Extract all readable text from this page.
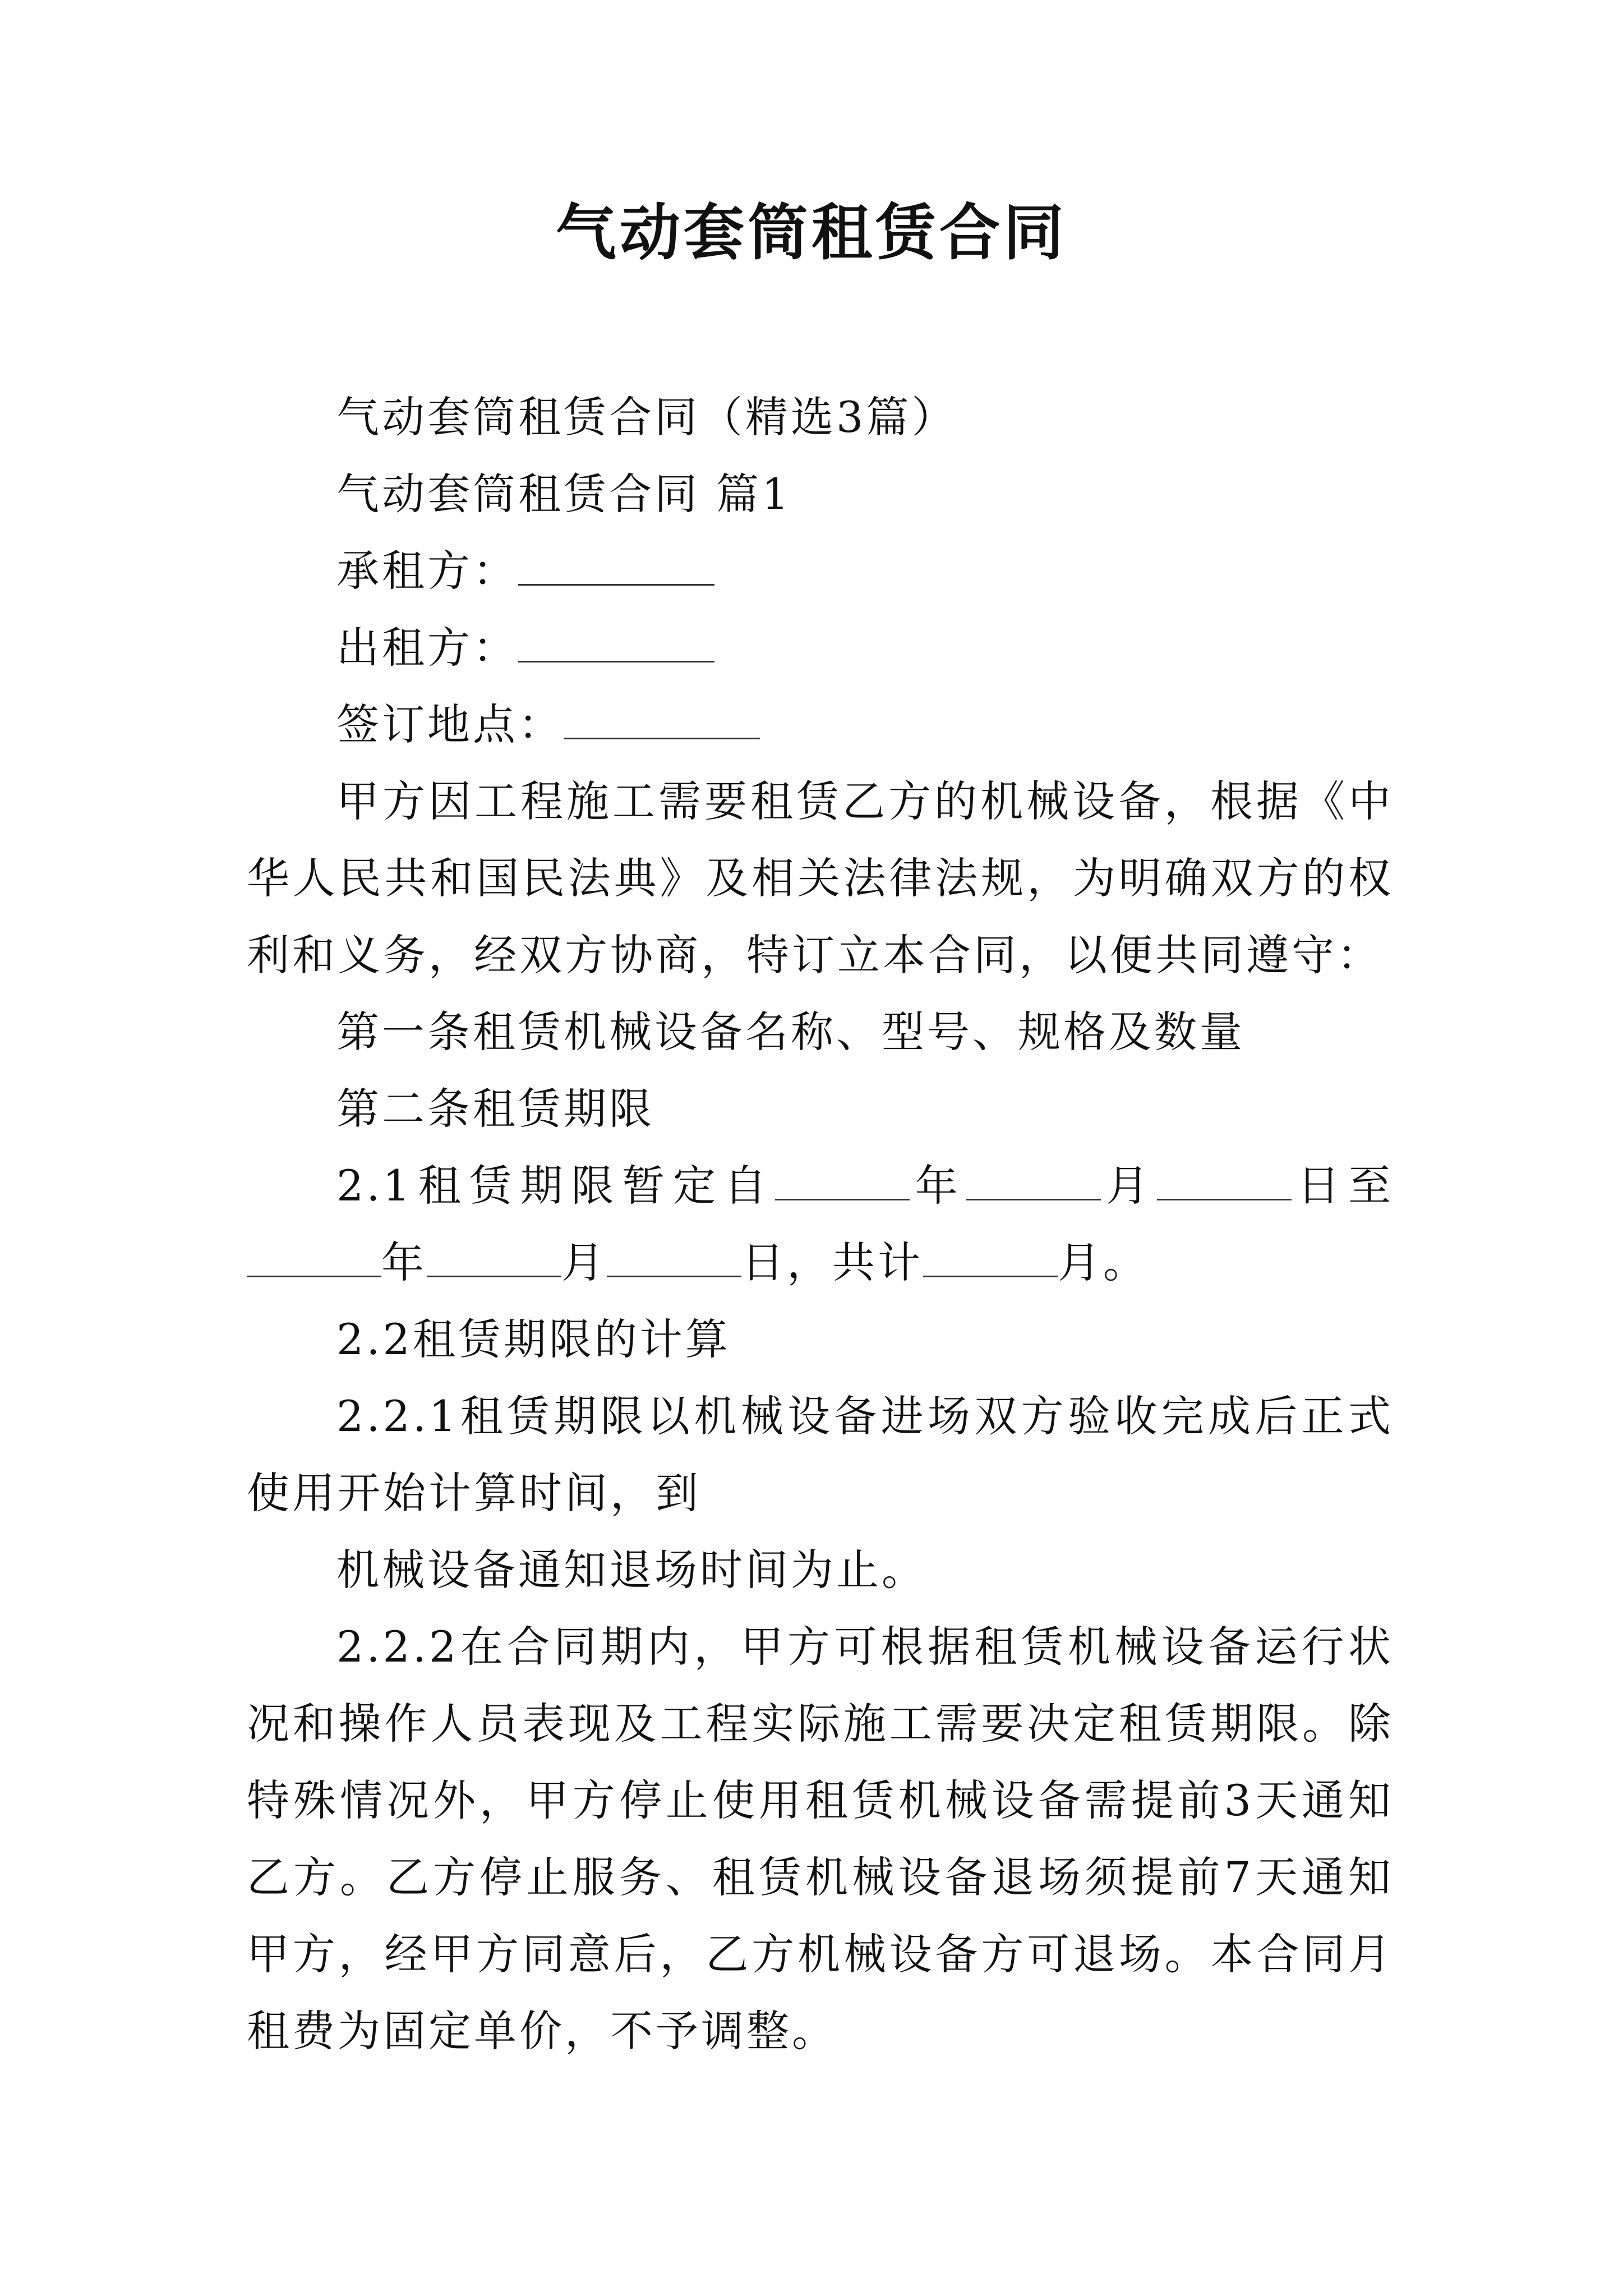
气动套筒租赁合同

气动套筒租赁合同（精选3篇）

气动套筒租赁合同 篇1

承租方：

出租方：

签订地点：

甲方因工程施工需要租赁乙方的机械设备，根据《中华人民共和国民法典》及相关法律法规，为明确双方的权利和义务，经双方协商，特订立本合同，以便共同遵守：

第一条租赁机械设备名称、型号、规格及数量

第二条租赁期限

2.1租赁期限暂定自	年	月	日至年	月	日，共计	月。

2.2租赁期限的计算

2.2.1租赁期限以机械设备进场双方验收完成后正式使用开始计算时间，到

机械设备通知退场时间为止。

2.2.2在合同期内，甲方可根据租赁机械设备运行状况和操作人员表现及工程实际施工需要决定租赁期限。除特殊情况外，甲方停止使用租赁机械设备需提前3天通知乙方。乙方停止服务、租赁机械设备退场须提前7天通知甲方，经甲方同意后，乙方机械设备方可退场。本合同月租费为固定单价，不予调整。
